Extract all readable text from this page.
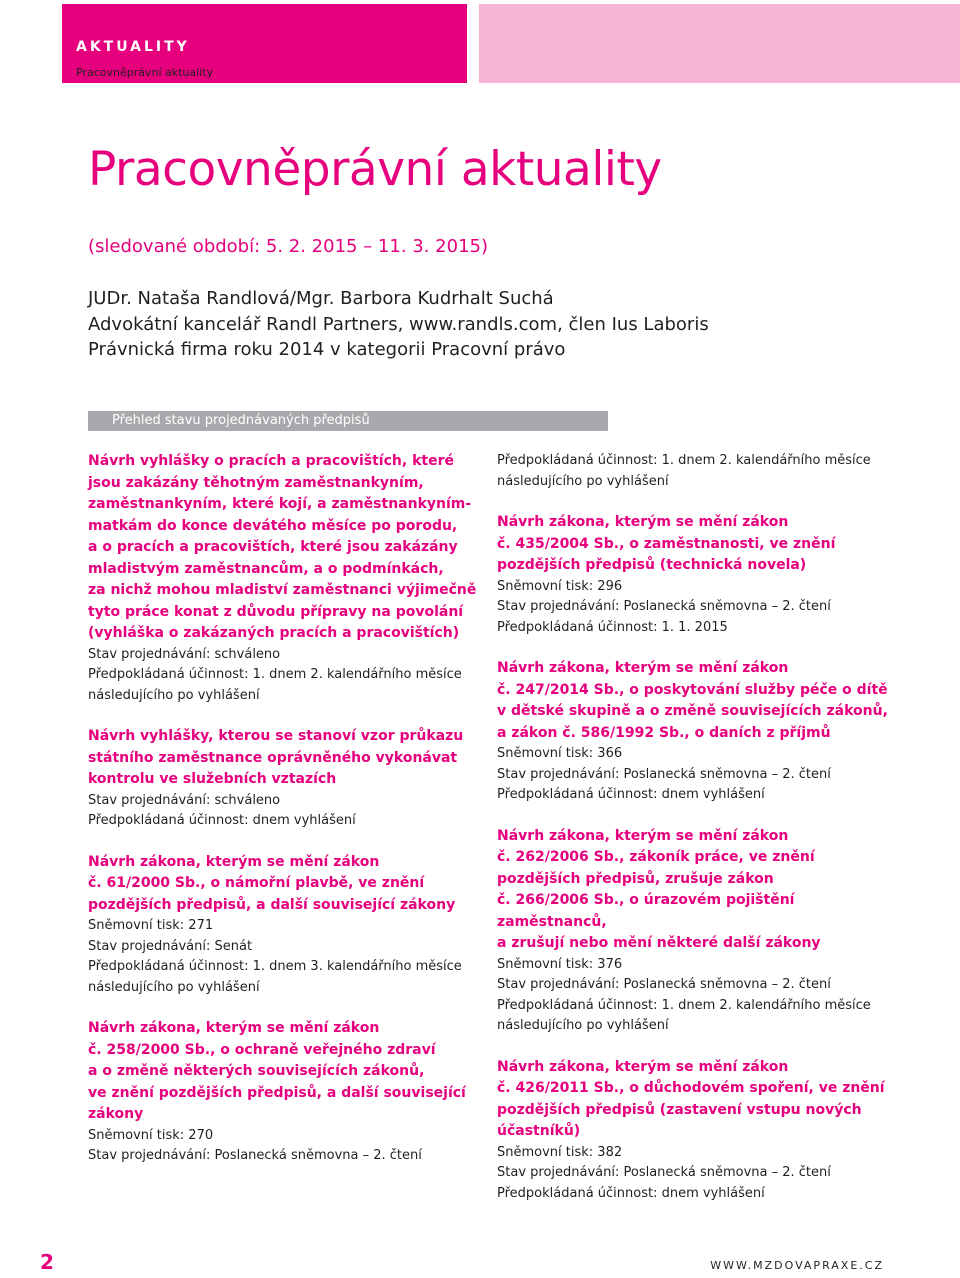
AKTUALITY
Pracovněprávní aktuality
Pracovněprávní aktuality
(sledované období: 5. 2. 2015 – 11. 3. 2015)
JUDr. Nataša Randlová/Mgr. Barbora Kudrhalt Suchá
Advokátní kancelář Randl Partners, www.randls.com, člen Ius Laboris
Právnická firma roku 2014 v kategorii Pracovní právo
Přehled stavu projednávaných předpisů
Návrh vyhlášky o pracích a pracovištích, které
jsou zakázány těhotným zaměstnankyním,
zaměstnankyním, které kojí, a zaměstnankyním-
matkám do konce devátého měsíce po porodu,
a o pracích a pracovištích, které jsou zakázány
mladistvým zaměstnancům, a o podmínkách,
za nichž mohou mladiství zaměstnanci výjimečně
tyto práce konat z důvodu přípravy na povolání
(vyhláška o zakázaných pracích a pracovištích)
Stav projednávání: schváleno
Předpokládaná účinnost: 1. dnem 2. kalendářního měsíce
následujícího po vyhlášení
Návrh vyhlášky, kterou se stanoví vzor průkazu
státního zaměstnance oprávněného vykonávat
kontrolu ve služebních vztazích
Stav projednávání: schváleno
Předpokládaná účinnost: dnem vyhlášení
Návrh zákona, kterým se mění zákon
č. 61/2000 Sb., o námořní plavbě, ve znění
pozdějších předpisů, a další související zákony
Sněmovní tisk: 271
Stav projednávání: Senát
Předpokládaná účinnost: 1. dnem 3. kalendářního měsíce
následujícího po vyhlášení
Návrh zákona, kterým se mění zákon
č. 258/2000 Sb., o ochraně veřejného zdraví
a o změně některých souvisejících zákonů,
ve znění pozdějších předpisů, a další související
zákony
Sněmovní tisk: 270
Stav projednávání: Poslanecká sněmovna – 2. čtení
Předpokládaná účinnost: 1. dnem 2. kalendářního měsíce
následujícího po vyhlášení
Návrh zákona, kterým se mění zákon
č. 435/2004 Sb., o zaměstnanosti, ve znění
pozdějších předpisů (technická novela)
Sněmovní tisk: 296
Stav projednávání: Poslanecká sněmovna – 2. čtení
Předpokládaná účinnost: 1. 1. 2015
Návrh zákona, kterým se mění zákon
č. 247/2014 Sb., o poskytování služby péče o dítě
v dětské skupině a o změně souvisejících zákonů,
a zákon č. 586/1992 Sb., o daních z příjmů
Sněmovní tisk: 366
Stav projednávání: Poslanecká sněmovna – 2. čtení
Předpokládaná účinnost: dnem vyhlášení
Návrh zákona, kterým se mění zákon
č. 262/2006 Sb., zákoník práce, ve znění
pozdějších předpisů, zrušuje zákon
č. 266/2006 Sb., o úrazovém pojištění zaměstnanců,
a zrušují nebo mění některé další zákony
Sněmovní tisk: 376
Stav projednávání: Poslanecká sněmovna – 2. čtení
Předpokládaná účinnost: 1. dnem 2. kalendářního měsíce
následujícího po vyhlášení
Návrh zákona, kterým se mění zákon
č. 426/2011 Sb., o důchodovém spoření, ve znění
pozdějších předpisů (zastavení vstupu nových
účastníků)
Sněmovní tisk: 382
Stav projednávání: Poslanecká sněmovna – 2. čtení
Předpokládaná účinnost: dnem vyhlášení
2	WWW.MZDOVAPRAXE.CZ
